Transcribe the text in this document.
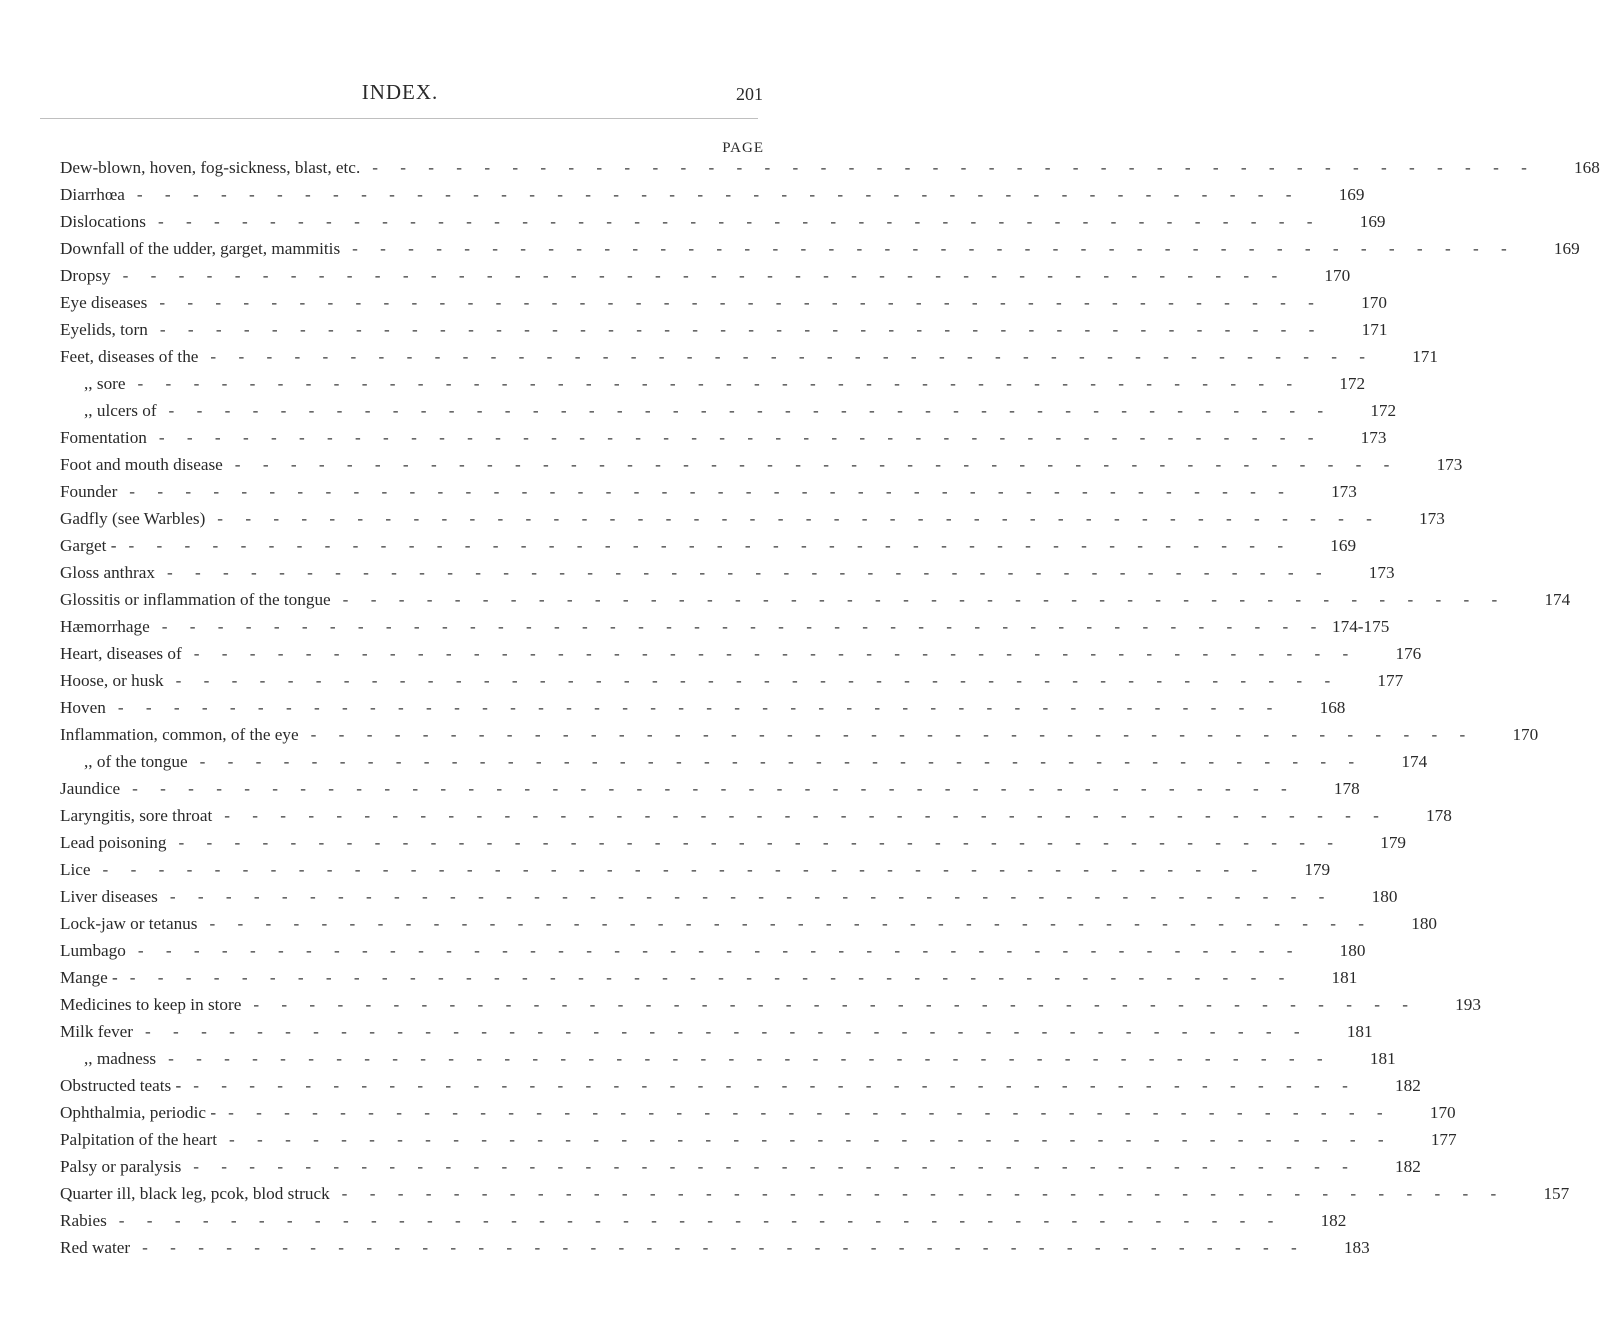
INDEX.	201
PAGE
Dew-blown, hoven, fog-sickness, blast, etc. - - - - - - - - - - - - - - - - - - - - - - - - - - - - - - - - - - - - - - - - - -	168
Diarrhœa - - - - - - - - - - - - - - - - - - - - - - - - - - - - - - - - - - - - - - - - - -	169
Dislocations - - - - - - - - - - - - - - - - - - - - - - - - - - - - - - - - - - - - - - - - - -	169
Downfall of the udder, garget, mammitis - - - - - - - - - - - - - - - - - - - - - - - - - - - - - - - - - - - - - - - - - -	169
Dropsy - - - - - - - - - - - - - - - - - - - - - - - - - - - - - - - - - - - - - - - - - -	170
Eye diseases - - - - - - - - - - - - - - - - - - - - - - - - - - - - - - - - - - - - - - - - - -	170
Eyelids, torn - - - - - - - - - - - - - - - - - - - - - - - - - - - - - - - - - - - - - - - - - -	171
Feet, diseases of the - - - - - - - - - - - - - - - - - - - - - - - - - - - - - - - - - - - - - - - - - -	171
,, sore - - - - - - - - - - - - - - - - - - - - - - - - - - - - - - - - - - - - - - - - - -	172
,, ulcers of - - - - - - - - - - - - - - - - - - - - - - - - - - - - - - - - - - - - - - - - - -	172
Fomentation - - - - - - - - - - - - - - - - - - - - - - - - - - - - - - - - - - - - - - - - - -	173
Foot and mouth disease - - - - - - - - - - - - - - - - - - - - - - - - - - - - - - - - - - - - - - - - - -	173
Founder - - - - - - - - - - - - - - - - - - - - - - - - - - - - - - - - - - - - - - - - - -	173
Gadfly (see Warbles) - - - - - - - - - - - - - - - - - - - - - - - - - - - - - - - - - - - - - - - - - -	173
Garget - - - - - - - - - - - - - - - - - - - - - - - - - - - - - - - - - - - - - - - - - - -	169
Gloss anthrax - - - - - - - - - - - - - - - - - - - - - - - - - - - - - - - - - - - - - - - - - -	173
Glossitis or inflammation of the tongue - - - - - - - - - - - - - - - - - - - - - - - - - - - - - - - - - - - - - - - - - -	174
Hæmorrhage - - - - - - - - - - - - - - - - - - - - - - - - - - - - - - - - - - - - - - - - - - 174-175
Heart, diseases of - - - - - - - - - - - - - - - - - - - - - - - - - - - - - - - - - - - - - - - - - -	176
Hoose, or husk - - - - - - - - - - - - - - - - - - - - - - - - - - - - - - - - - - - - - - - - - -	177
Hoven - - - - - - - - - - - - - - - - - - - - - - - - - - - - - - - - - - - - - - - - - -	168
Inflammation, common, of the eye - - - - - - - - - - - - - - - - - - - - - - - - - - - - - - - - - - - - - - - - - -	170
,, of the tongue - - - - - - - - - - - - - - - - - - - - - - - - - - - - - - - - - - - - - - - - - -	174
Jaundice - - - - - - - - - - - - - - - - - - - - - - - - - - - - - - - - - - - - - - - - - -	178
Laryngitis, sore throat - - - - - - - - - - - - - - - - - - - - - - - - - - - - - - - - - - - - - - - - - -	178
Lead poisoning - - - - - - - - - - - - - - - - - - - - - - - - - - - - - - - - - - - - - - - - - -	179
Lice - - - - - - - - - - - - - - - - - - - - - - - - - - - - - - - - - - - - - - - - - -	179
Liver diseases - - - - - - - - - - - - - - - - - - - - - - - - - - - - - - - - - - - - - - - - - -	180
Lock-jaw or tetanus - - - - - - - - - - - - - - - - - - - - - - - - - - - - - - - - - - - - - - - - - -	180
Lumbago - - - - - - - - - - - - - - - - - - - - - - - - - - - - - - - - - - - - - - - - - -	180
Mange - - - - - - - - - - - - - - - - - - - - - - - - - - - - - - - - - - - - - - - - - - -	181
Medicines to keep in store - - - - - - - - - - - - - - - - - - - - - - - - - - - - - - - - - - - - - - - - - -	193
Milk fever - - - - - - - - - - - - - - - - - - - - - - - - - - - - - - - - - - - - - - - - - -	181
,, madness - - - - - - - - - - - - - - - - - - - - - - - - - - - - - - - - - - - - - - - - - -	181
Obstructed teats - - - - - - - - - - - - - - - - - - - - - - - - - - - - - - - - - - - - - - - - - - -	182
Ophthalmia, periodic - - - - - - - - - - - - - - - - - - - - - - - - - - - - - - - - - - - - - - - - - - -	170
Palpitation of the heart - - - - - - - - - - - - - - - - - - - - - - - - - - - - - - - - - - - - - - - - - -	177
Palsy or paralysis - - - - - - - - - - - - - - - - - - - - - - - - - - - - - - - - - - - - - - - - - -	182
Quarter ill, black leg, pcok, blod struck - - - - - - - - - - - - - - - - - - - - - - - - - - - - - - - - - - - - - - - - - -	157
Rabies - - - - - - - - - - - - - - - - - - - - - - - - - - - - - - - - - - - - - - - - - -	182
Red water - - - - - - - - - - - - - - - - - - - - - - - - - - - - - - - - - - - - - - - - - -	183
